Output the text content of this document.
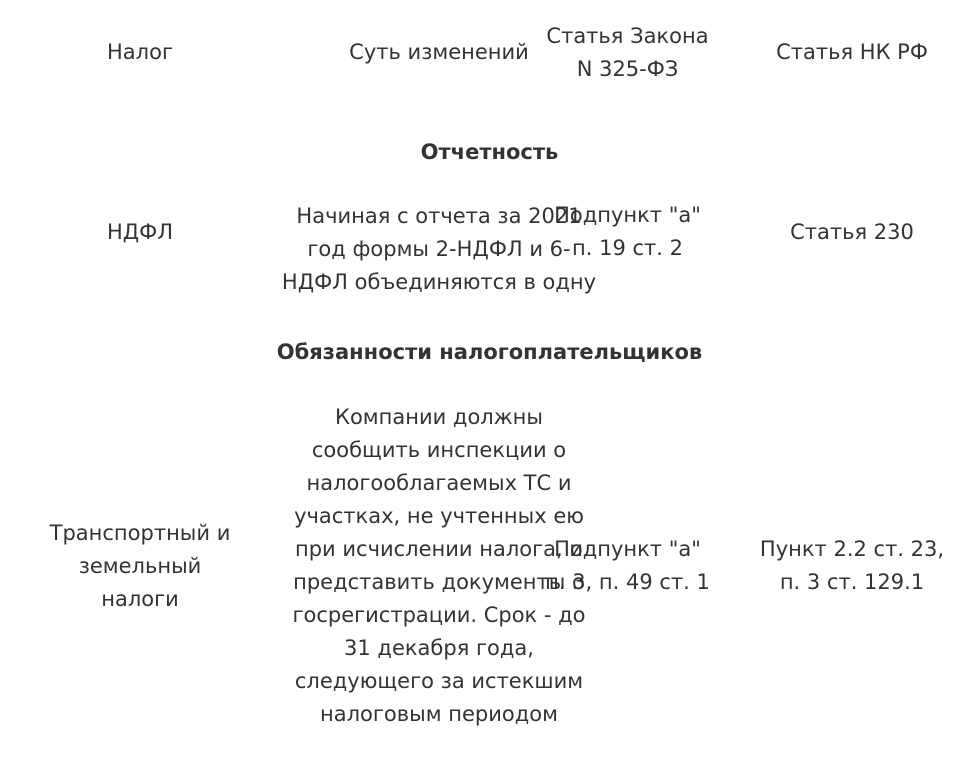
Налог	Суть изменений	Статья Закона N 325-ФЗ	Статья НК РФ

Отчетность			

НДФЛ	Начиная с отчета за 2021 год формы 2-НДФЛ и 6-НДФЛ объединяются в одну	Подпункт "а" п. 19 ст. 2	Статья 230

Обязанности налогоплательщиков			

Транспортный и земельный налоги	Компании должны сообщить инспекции о налогооблагаемых ТС и участках, не учтенных ею при исчислении налога, и представить документы о госрегистрации. Срок - до 31 декабря года, следующего за истекшим налоговым периодом	Подпункт "а" п. 3, п. 49 ст. 1	Пункт 2.2 ст. 23, п. 3 ст. 129.1
